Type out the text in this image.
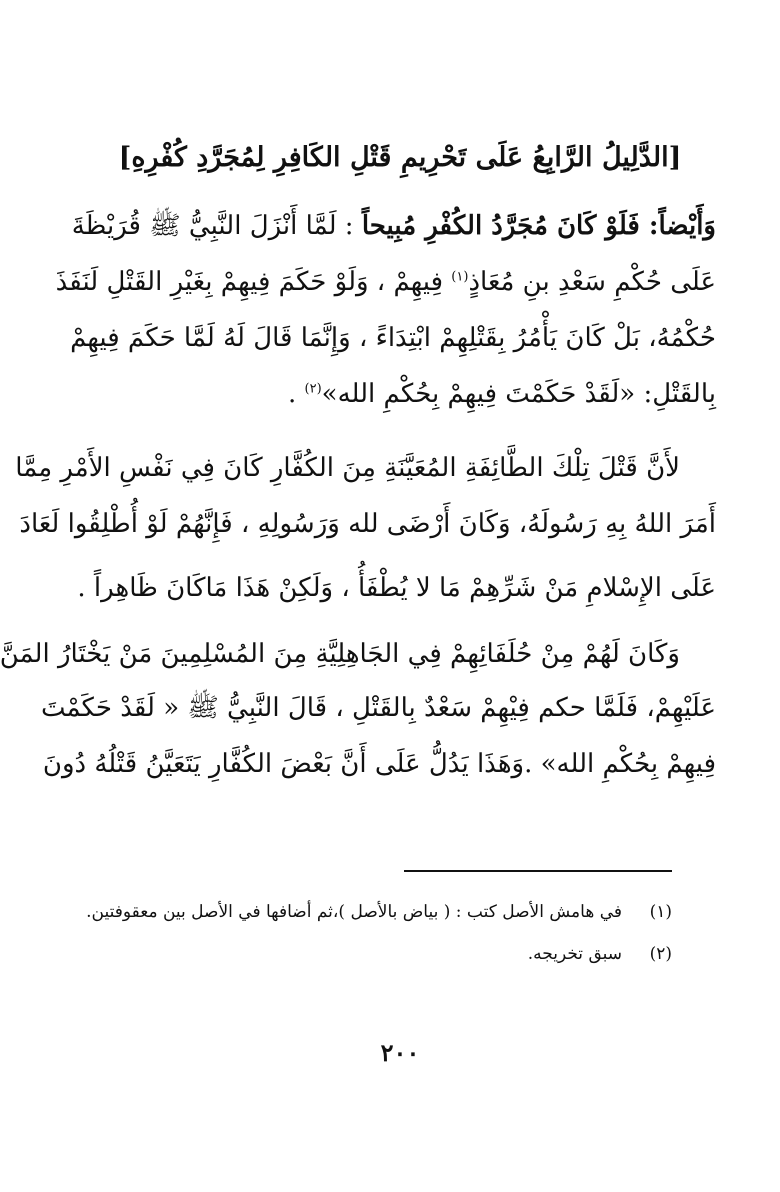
[الدَّلِيلُ الرَّابِعُ عَلَى تَحْرِيمِ قَتْلِ الكَافِرِ لِمُجَرَّدِ كُفْرِهِ]
وَأَيْضاً: فَلَوْ كَانَ مُجَرَّدُ الكُفْرِ مُبِيحاً : لَمَّا أَنْزَلَ النَّبِيُّ ﷺ قُرَيْظَةَ
عَلَى حُكْمِ سَعْدِ بنِ مُعَاذٍ$^{(١)}$ فِيهِمْ ، وَلَوْ حَكَمَ فِيهِمْ بِغَيْرِ القَتْلِ لَنَفَذَ
حُكْمُهُ، بَلْ كَانَ يَأْمُرُ بِقَتْلِهِمْ ابْتِدَاءً ، وَإِنَّمَا قَالَ لَهُ لَمَّا حَكَمَ فِيهِمْ
بِالقَتْلِ: «لَقَدْ حَكَمْتَ فِيهِمْ بِحُكْمِ الله»$^{(٢)}$ .
لأَنَّ قَتْلَ تِلْكَ الطَّائِفَةِ المُعَيَّنَةِ مِنَ الكُفَّارِ كَانَ فِي نَفْسِ الأَمْرِ مِمَّا
أَمَرَ اللهُ بِهِ رَسُولَهُ، وَكَانَ أَرْضَى لله وَرَسُولِهِ ، فَإِنَّهُمْ لَوْ أُطْلِقُوا لَعَادَ
عَلَى الإِسْلامِ مَنْ شَرِّهِمْ مَا لا يُطْفَأُ ، وَلَكِنْ هَذَا مَاكَانَ ظَاهِراً .
وَكَانَ لَهُمْ مِنْ حُلَفَائِهِمْ فِي الجَاهِلِيَّةِ مِنَ المُسْلِمِينَ مَنْ يَخْتَارُ المَنَّ
عَلَيْهِمْ، فَلَمَّا حكم فِيْهِمْ سَعْدٌ بِالقَتْلِ ، قَالَ النَّبِيُّ ﷺ « لَقَدْ حَكَمْتَ
فِيهِمْ بِحُكْمِ الله» .وَهَذَا يَدُلُّ عَلَى أَنَّ بَعْضَ الكُفَّارِ يَتَعَيَّنُ قَتْلُهُ دُونَ
(١)في هامش الأصل كتب : ( بياض بالأصل )،ثم أضافها في الأصل بين معقوفتين.
(٢)سبق تخريجه.
٢٠٠
